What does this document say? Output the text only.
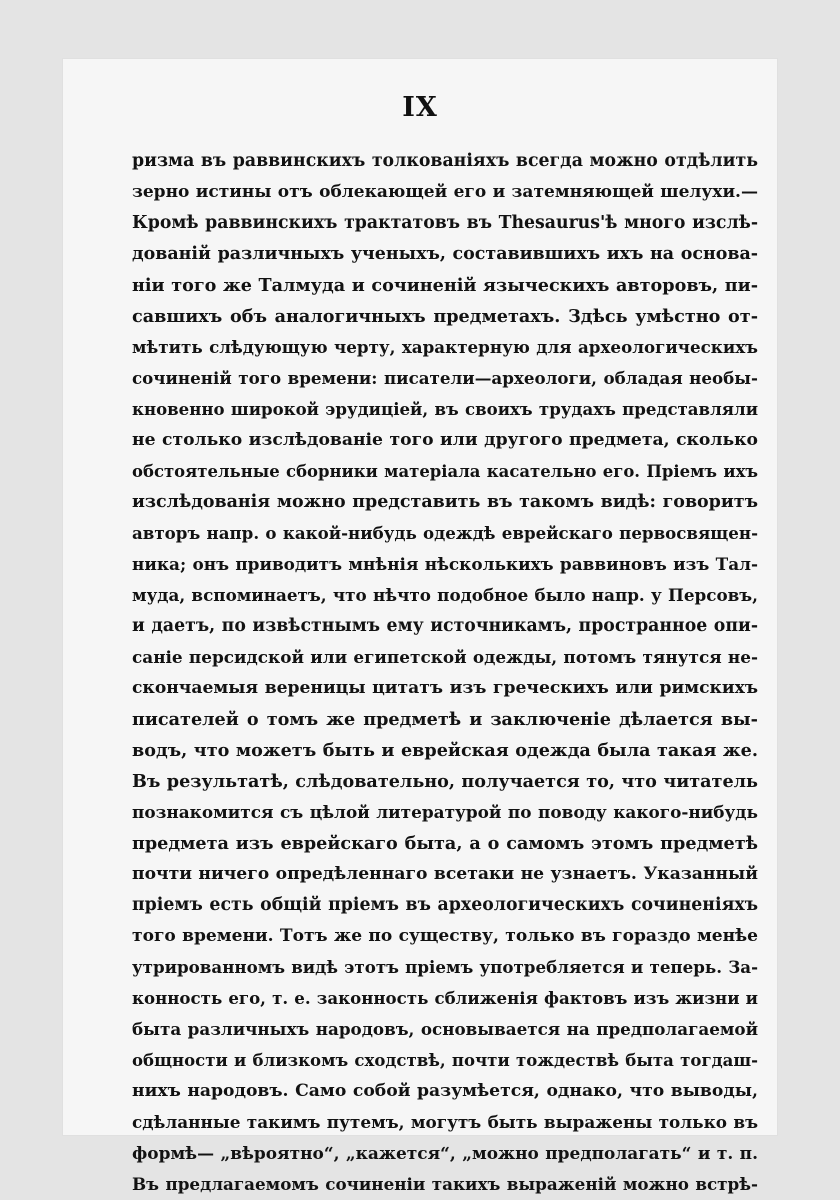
IX
ризма въ раввинскихъ толкованіяхъ всегда можно отдѣлить
зерно истины отъ облекающей его и затемняющей шелухи.—
Кромѣ раввинскихъ трактатовъ въ Thesaurus'ѣ много изслѣ-
дованій различныхъ ученыхъ, составившихъ ихъ на основа-
ніи того же Талмуда и сочиненій языческихъ авторовъ, пи-
савшихъ объ аналогичныхъ предметахъ. Здѣсь умѣстно от-
мѣтить слѣдующую черту, характерную для археологическихъ
сочиненій того времени: писатели—археологи, обладая необы-
кновенно широкой эрудиціей, въ своихъ трудахъ представляли
не столько изслѣдованіе того или другого предмета, сколько
обстоятельные сборники матеріала касательно его. Пріемъ ихъ
изслѣдованія можно представить въ такомъ видѣ: говоритъ
авторъ напр. о какой-нибудь одеждѣ еврейскаго первосвящен-
ника; онъ приводитъ мнѣнія нѣсколькихъ раввиновъ изъ Тал-
муда, вспоминаетъ, что нѣчто подобное было напр. у Персовъ,
и даетъ, по извѣстнымъ ему источникамъ, пространное опи-
саніе персидской или египетской одежды, потомъ тянутся не-
скончаемыя вереницы цитатъ изъ греческихъ или римскихъ
писателей о томъ же предметѣ и заключеніе дѣлается вы-
водъ, что можетъ быть и еврейская одежда была такая же.
Въ результатѣ, слѣдовательно, получается то, что читатель
познакомится съ цѣлой литературой по поводу какого-нибудь
предмета изъ еврейскаго быта, а о самомъ этомъ предметѣ
почти ничего опредѣленнаго всетаки не узнаетъ. Указанный
пріемъ есть общій пріемъ въ археологическихъ сочиненіяхъ
того времени. Тотъ же по существу, только въ гораздо менѣе
утрированномъ видѣ этотъ пріемъ употребляется и теперь. За-
конность его, т. е. законность сближенія фактовъ изъ жизни и
быта различныхъ народовъ, основывается на предполагаемой
общности и близкомъ сходствѣ, почти тождествѣ быта тогдаш-
нихъ народовъ. Само собой разумѣется, однако, что выводы,
сдѣланные такимъ путемъ, могутъ быть выражены только въ
формѣ— „вѣроятно“, „кажется“, „можно предполагать“ и т. п.
Въ предлагаемомъ сочиненіи такихъ выраженій можно встрѣ-
